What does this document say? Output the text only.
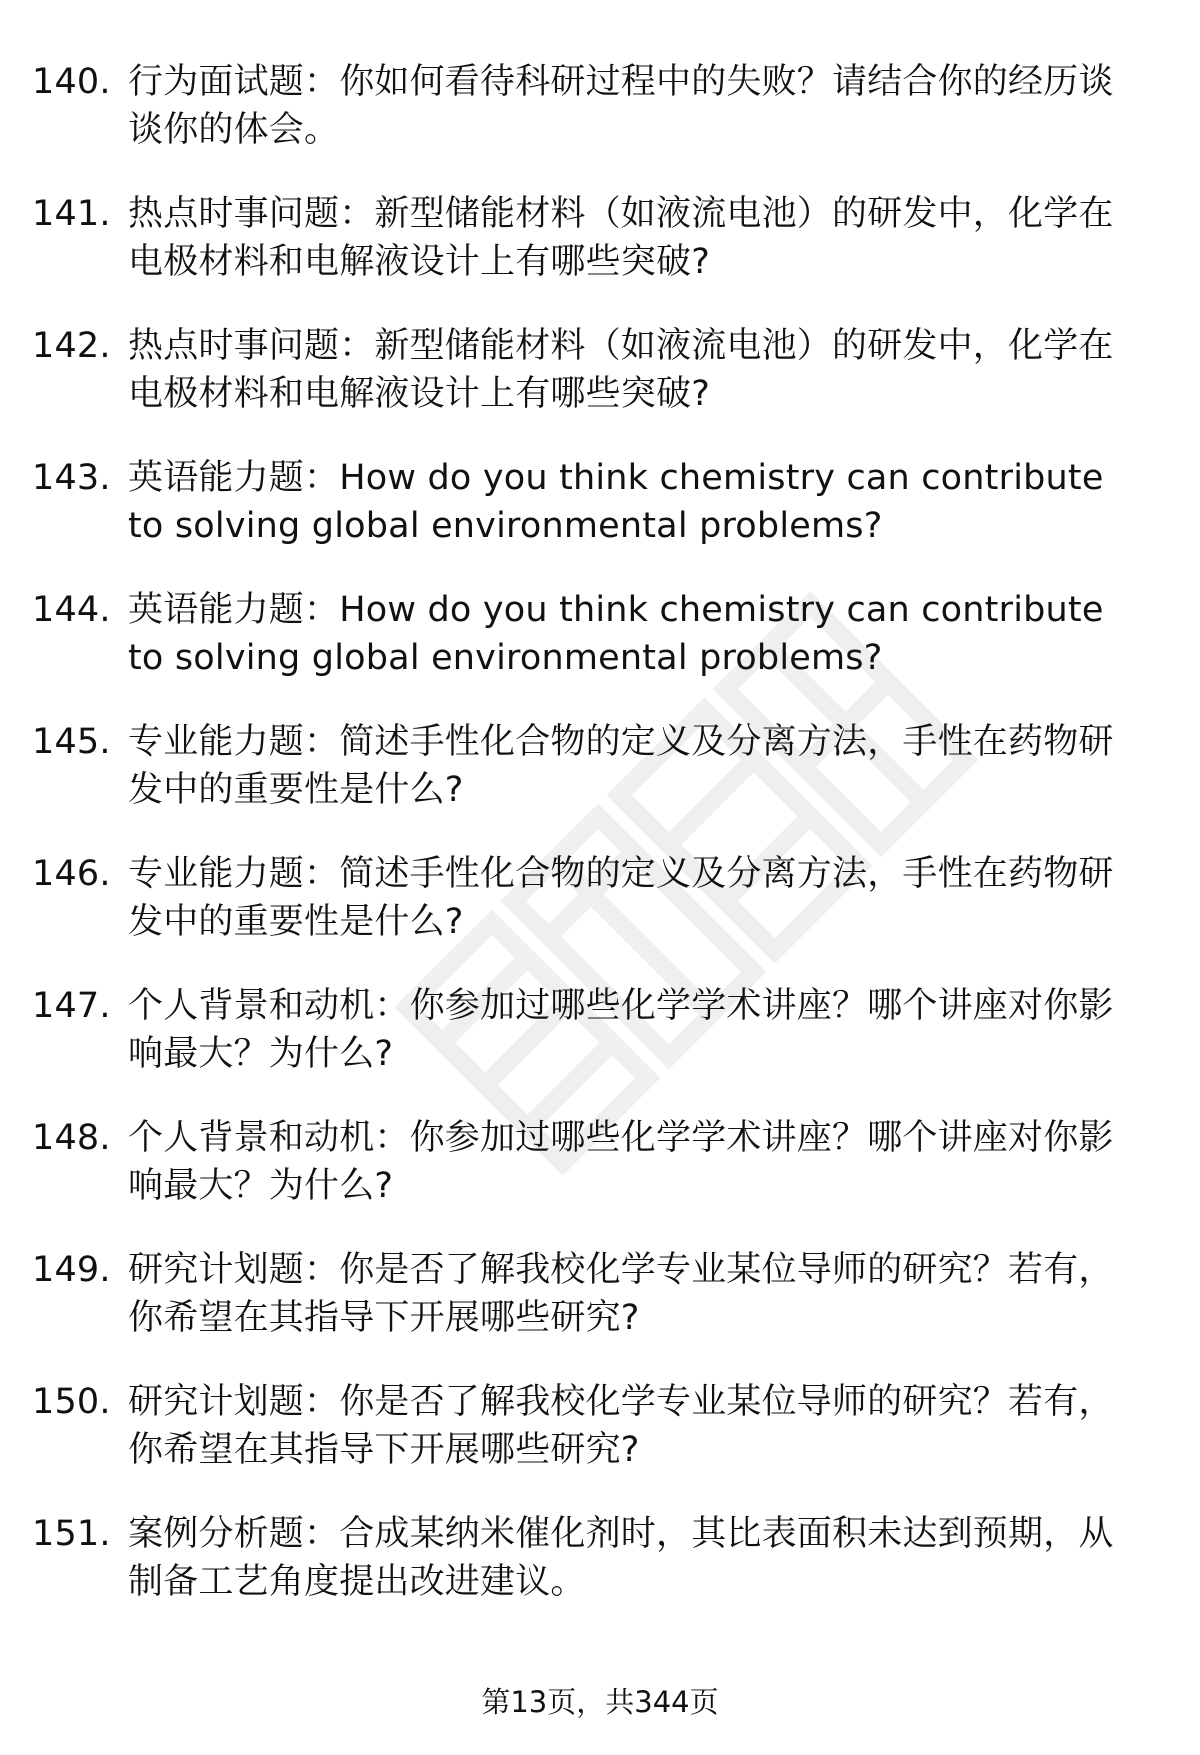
140. 行为面试题：你如何看待科研过程中的失败？请结合你的经历谈谈你的体会。
141. 热点时事问题：新型储能材料（如液流电池）的研发中，化学在电极材料和电解液设计上有哪些突破?
142. 热点时事问题：新型储能材料（如液流电池）的研发中，化学在电极材料和电解液设计上有哪些突破?
143. 英语能力题：How do you think chemistry can contribute to solving global environmental problems?
144. 英语能力题：How do you think chemistry can contribute to solving global environmental problems?
145. 专业能力题：简述手性化合物的定义及分离方法，手性在药物研发中的重要性是什么?
146. 专业能力题：简述手性化合物的定义及分离方法，手性在药物研发中的重要性是什么?
147. 个人背景和动机：你参加过哪些化学学术讲座？哪个讲座对你影响最大？为什么?
148. 个人背景和动机：你参加过哪些化学学术讲座？哪个讲座对你影响最大？为什么?
149. 研究计划题：你是否了解我校化学专业某位导师的研究？若有，你希望在其指导下开展哪些研究?
150. 研究计划题：你是否了解我校化学专业某位导师的研究？若有，你希望在其指导下开展哪些研究?
151. 案例分析题：合成某纳米催化剂时，其比表面积未达到预期，从制备工艺角度提出改进建议。
第13页，共344页
